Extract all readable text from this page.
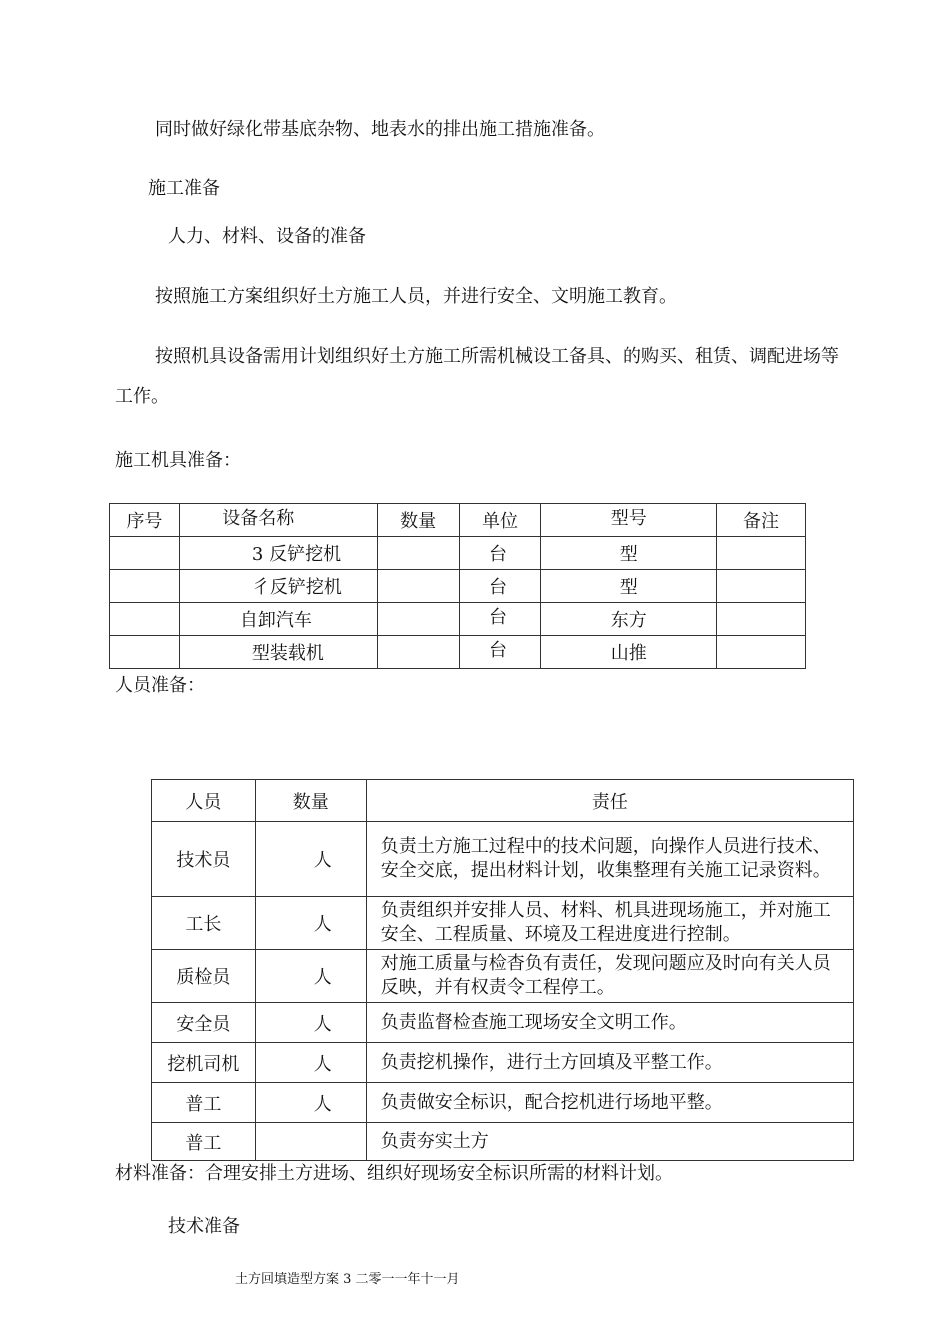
同时做好绿化带基底杂物、地表水的排出施工措施准备。
施工准备
人力、材料、设备的准备
按照施工方案组织好土方施工人员，并进行安全、文明施工教育。
按照机具设备需用计划组织好土方施工所需机械设工备具、的购买、租赁、调配进场等
工作。
施工机具准备：
序号	设备名称	数量	单位	型号	备注
	3 反铲挖机		台	型	
	彳反铲挖机		台	型	
	自卸汽车		台	东方	
	型装载机		台	山推	
人员准备：
人员	数量	责任
技术员	人	负责土方施工过程中的技术问题，向操作人员进行技术、安全交底，提出材料计划，收集整理有关施工记录资料。
工长	人	负责组织并安排人员、材料、机具进现场施工，并对施工安全、工程质量、环境及工程进度进行控制。
质检员	人	对施工质量与检杳负有责任，发现问题应及时向有关人员反映，并有权责令工程停工。
安全员	人	负责监督检查施工现场安全文明工作。
挖机司机	人	负责挖机操作，进行土方回填及平整工作。
普工	人	负责做安全标识，配合挖机进行场地平整。
普工		负责夯实土方
材料准备：合理安排土方进场、组织好现场安全标识所需的材料计划。
技术准备
土方回填造型方案 3 二零一一年十一月
